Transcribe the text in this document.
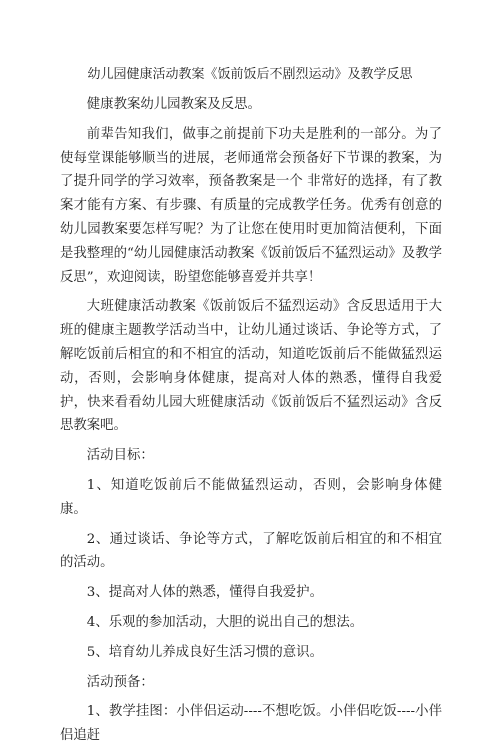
幼儿园健康活动教案《饭前饭后不剧烈运动》及教学反思

健康教案幼儿园教案及反思。

前辈告知我们，做事之前提前下功夫是胜利的一部分。为了使每堂课能够顺当的进展，老师通常会预备好下节课的教案，为了提升同学的学习效率，预备教案是一个 非常好的选择，有了教案才能有方案、有步骤、有质量的完成教学任务。优秀有创意的幼儿园教案要怎样写呢？为了让您在使用时更加简洁便利，下面是我整理的“幼儿园健康活动教案《饭前饭后不猛烈运动》及教学反思”，欢迎阅读，盼望您能够喜爱并共享！

大班健康活动教案《饭前饭后不猛烈运动》含反思适用于大班的健康主题教学活动当中，让幼儿通过谈话、争论等方式，了解吃饭前后相宜的和不相宜的活动，知道吃饭前后不能做猛烈运动，否则，会影响身体健康，提高对人体的熟悉，懂得自我爱护，快来看看幼儿园大班健康活动《饭前饭后不猛烈运动》含反思教案吧。

活动目标：

1、知道吃饭前后不能做猛烈运动，否则，会影响身体健康。

2、通过谈话、争论等方式，了解吃饭前后相宜的和不相宜的活动。

3、提高对人体的熟悉，懂得自我爱护。

4、乐观的参加活动，大胆的说出自己的想法。

5、培育幼儿养成良好生活习惯的意识。

活动预备：

1、教学挂图：小伴侣运动----不想吃饭。小伴侣吃饭----小伴侣追赶
